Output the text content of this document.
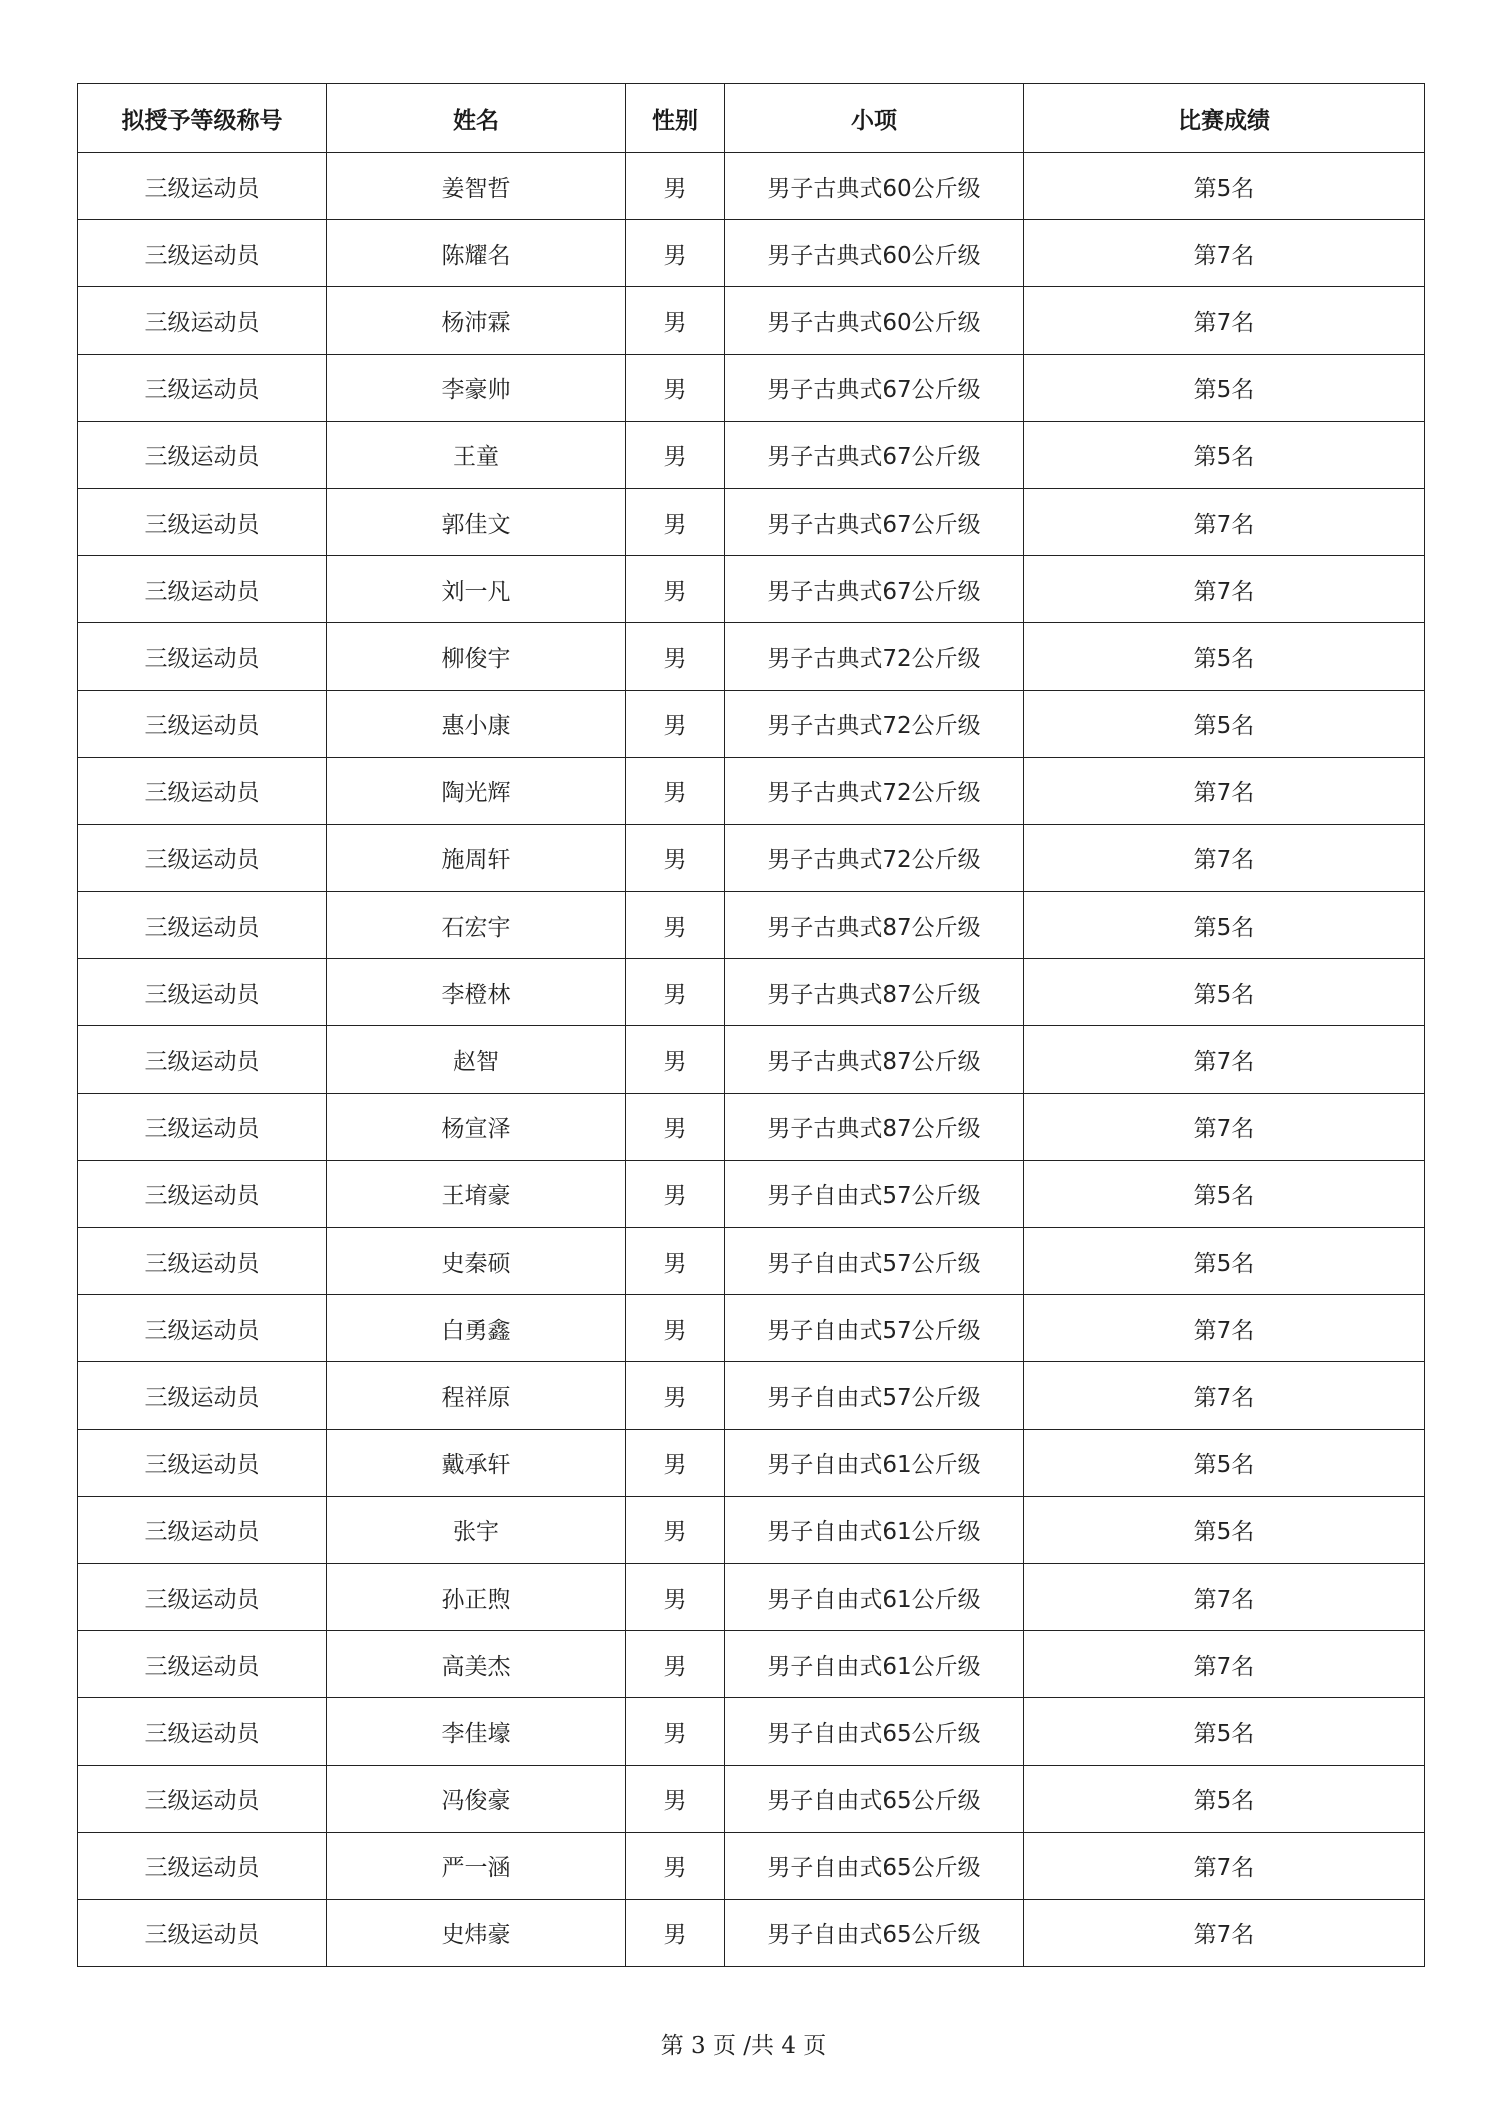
拟授予等级称号	姓名	性别	小项	比赛成绩
三级运动员	姜智哲	男	男子古典式60公斤级	第5名
三级运动员	陈耀名	男	男子古典式60公斤级	第7名
三级运动员	杨沛霖	男	男子古典式60公斤级	第7名
三级运动员	李豪帅	男	男子古典式67公斤级	第5名
三级运动员	王童	男	男子古典式67公斤级	第5名
三级运动员	郭佳文	男	男子古典式67公斤级	第7名
三级运动员	刘一凡	男	男子古典式67公斤级	第7名
三级运动员	柳俊宇	男	男子古典式72公斤级	第5名
三级运动员	惠小康	男	男子古典式72公斤级	第5名
三级运动员	陶光辉	男	男子古典式72公斤级	第7名
三级运动员	施周轩	男	男子古典式72公斤级	第7名
三级运动员	石宏宇	男	男子古典式87公斤级	第5名
三级运动员	李橙林	男	男子古典式87公斤级	第5名
三级运动员	赵智	男	男子古典式87公斤级	第7名
三级运动员	杨宣泽	男	男子古典式87公斤级	第7名
三级运动员	王堉豪	男	男子自由式57公斤级	第5名
三级运动员	史秦硕	男	男子自由式57公斤级	第5名
三级运动员	白勇鑫	男	男子自由式57公斤级	第7名
三级运动员	程祥原	男	男子自由式57公斤级	第7名
三级运动员	戴承轩	男	男子自由式61公斤级	第5名
三级运动员	张宇	男	男子自由式61公斤级	第5名
三级运动员	孙正煦	男	男子自由式61公斤级	第7名
三级运动员	高美杰	男	男子自由式61公斤级	第7名
三级运动员	李佳壕	男	男子自由式65公斤级	第5名
三级运动员	冯俊豪	男	男子自由式65公斤级	第5名
三级运动员	严一涵	男	男子自由式65公斤级	第7名
三级运动员	史炜豪	男	男子自由式65公斤级	第7名
第 3 页 /共 4 页
